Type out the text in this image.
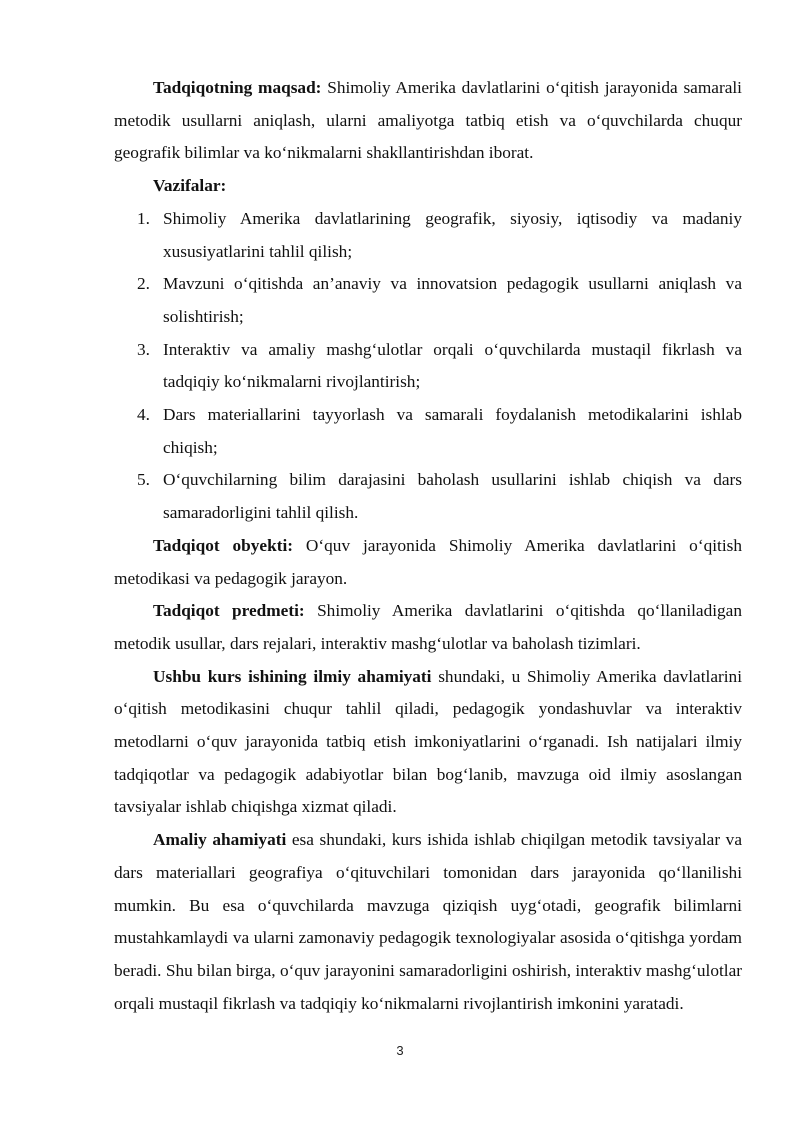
Tadqiqotning maqsad: Shimoliy Amerika davlatlarini o‘qitish jarayonida samarali metodik usullarni aniqlash, ularni amaliyotga tatbiq etish va o‘quvchilarda chuqur geografik bilimlar va ko‘nikmalarni shakllantirishdan iborat.

Vazifalar:
1. Shimoliy Amerika davlatlarining geografik, siyosiy, iqtisodiy va madaniy xususiyatlarini tahlil qilish;
2. Mavzuni o‘qitishda an’anaviy va innovatsion pedagogik usullarni aniqlash va solishtirish;
3. Interaktiv va amaliy mashg‘ulotlar orqali o‘quvchilarda mustaqil fikrlash va tadqiqiy ko‘nikmalarni rivojlantirish;
4. Dars materiallarini tayyorlash va samarali foydalanish metodikalarini ishlab chiqish;
5. O‘quvchilarning bilim darajasini baholash usullarini ishlab chiqish va dars samaradorligini tahlil qilish.

Tadqiqot obyekti: O‘quv jarayonida Shimoliy Amerika davlatlarini o‘qitish metodikasi va pedagogik jarayon.

Tadqiqot predmeti: Shimoliy Amerika davlatlarini o‘qitishda qo‘llaniladigan metodik usullar, dars rejalari, interaktiv mashg‘ulotlar va baholash tizimlari.

Ushbu kurs ishining ilmiy ahamiyati shundaki, u Shimoliy Amerika davlatlarini o‘qitish metodikasini chuqur tahlil qiladi, pedagogik yondashuvlar va interaktiv metodlarni o‘quv jarayonida tatbiq etish imkoniyatlarini o‘rganadi. Ish natijalari ilmiy tadqiqotlar va pedagogik adabiyotlar bilan bog‘lanib, mavzuga oid ilmiy asoslangan tavsiyalar ishlab chiqishga xizmat qiladi.

Amaliy ahamiyati esa shundaki, kurs ishida ishlab chiqilgan metodik tavsiyalar va dars materiallari geografiya o‘qituvchilari tomonidan dars jarayonida qo‘llanilishi mumkin. Bu esa o‘quvchilarda mavzuga qiziqish uyg‘otadi, geografik bilimlarni mustahkamlaydi va ularni zamonaviy pedagogik texnologiyalar asosida o‘qitishga yordam beradi. Shu bilan birga, o‘quv jarayonini samaradorligini oshirish, interaktiv mashg‘ulotlar orqali mustaqil fikrlash va tadqiqiy ko‘nikmalarni rivojlantirish imkonini yaratadi.

3
